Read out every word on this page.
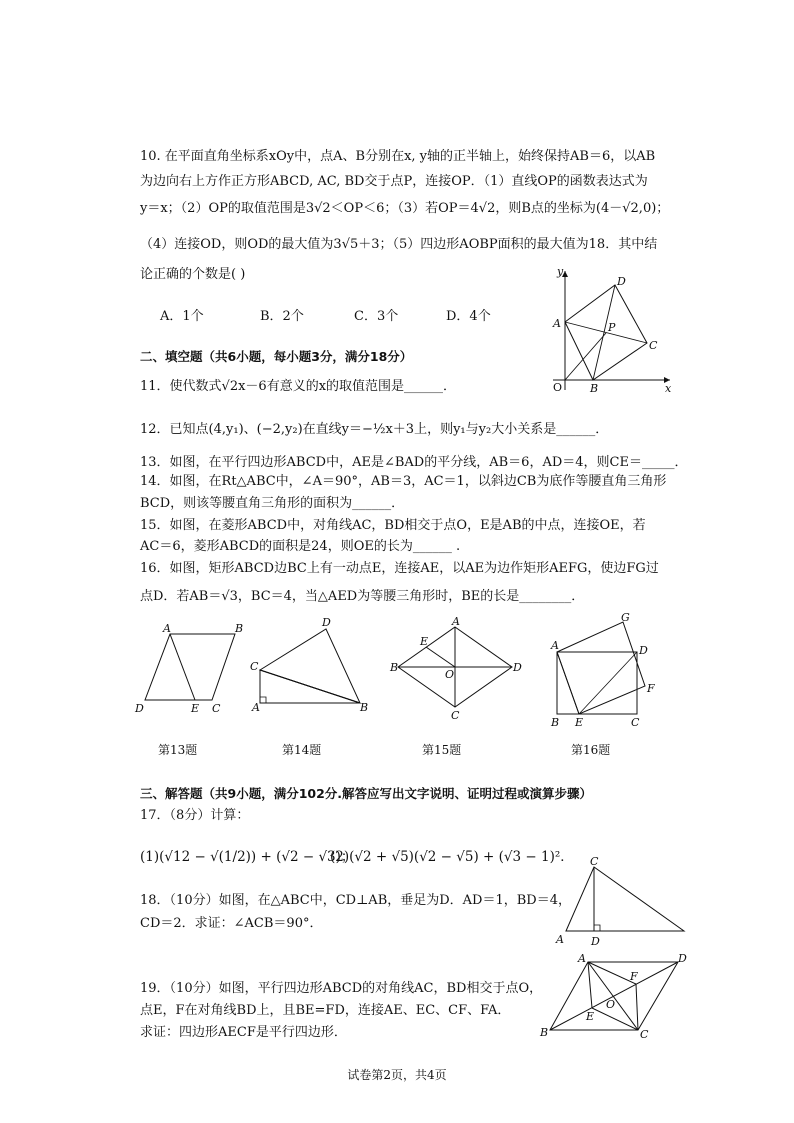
10. 在平面直角坐标系xOy中，点A、B分别在x, y轴的正半轴上，始终保持AB＝6，以AB
为边向右上方作正方形ABCD, AC, BD交于点P，连接OP．（1）直线OP的函数表达式为
y＝x；（2）OP的取值范围是3√2＜OP＜6；（3）若OP＝4√2，则B点的坐标为(4－√2,0)；
（4）连接OD，则OD的最大值为3√5＋3；（5）四边形AOBP面积的最大值为18．其中结
论正确的个数是( )
A．1个	B．2个	C．3个	D．4个
y
x
O
A
D
C
B
P
二、填空题（共6小题，每小题3分，满分18分）
11．使代数式√2x－6有意义的x的取值范围是______．
12．已知点(4,y₁)、(−2,y₂)在直线y＝−½x＋3上，则y₁与y₂大小关系是______．
13．如图，在平行四边形ABCD中，AE是∠BAD的平分线，AB＝6，AD＝4，则CE＝_____．
14．如图，在Rt△ABC中，∠A＝90°，AB＝3，AC＝1，以斜边CB为底作等腰直角三角形
BCD，则该等腰直角三角形的面积为______．
15．如图，在菱形ABCD中，对角线AC，BD相交于点O，E是AB的中点，连接OE，若
AC＝6，菱形ABCD的面积是24，则OE的长为______ .
16．如图，矩形ABCD边BC上有一动点E，连接AE，以AE为边作矩形AEFG，使边FG过
点D．若AB＝√3，BC＝4，当△AED为等腰三角形时，BE的长是________．
A	B
D	E C
C
D
A	B
A
E
B	D
O
C
A
G
D
F
B E	C
第13题	第14题	第15题	第16题
三、解答题（共9小题，满分102分.解答应写出文字说明、证明过程或演算步骤）
17．（8分）计算：
(1)(√12 − √(1/2)) + (√2 − √3)；
(2)(√2 + √5)(√2 − √5) + (√3 − 1)²．
18．（10分）如图，在△ABC中，CD⊥AB，垂足为D．AD＝1，BD＝4，
CD＝2．求证：∠ACB＝90°．
C
A D
19．（10分）如图，平行四边形ABCD的对角线AC，BD相交于点O，
点E，F在对角线BD上，且BE=FD，连接AE、EC、CF、FA．
求证：四边形AECF是平行四边形．
A	D
F
O
E
B	C
试卷第2页，共4页
